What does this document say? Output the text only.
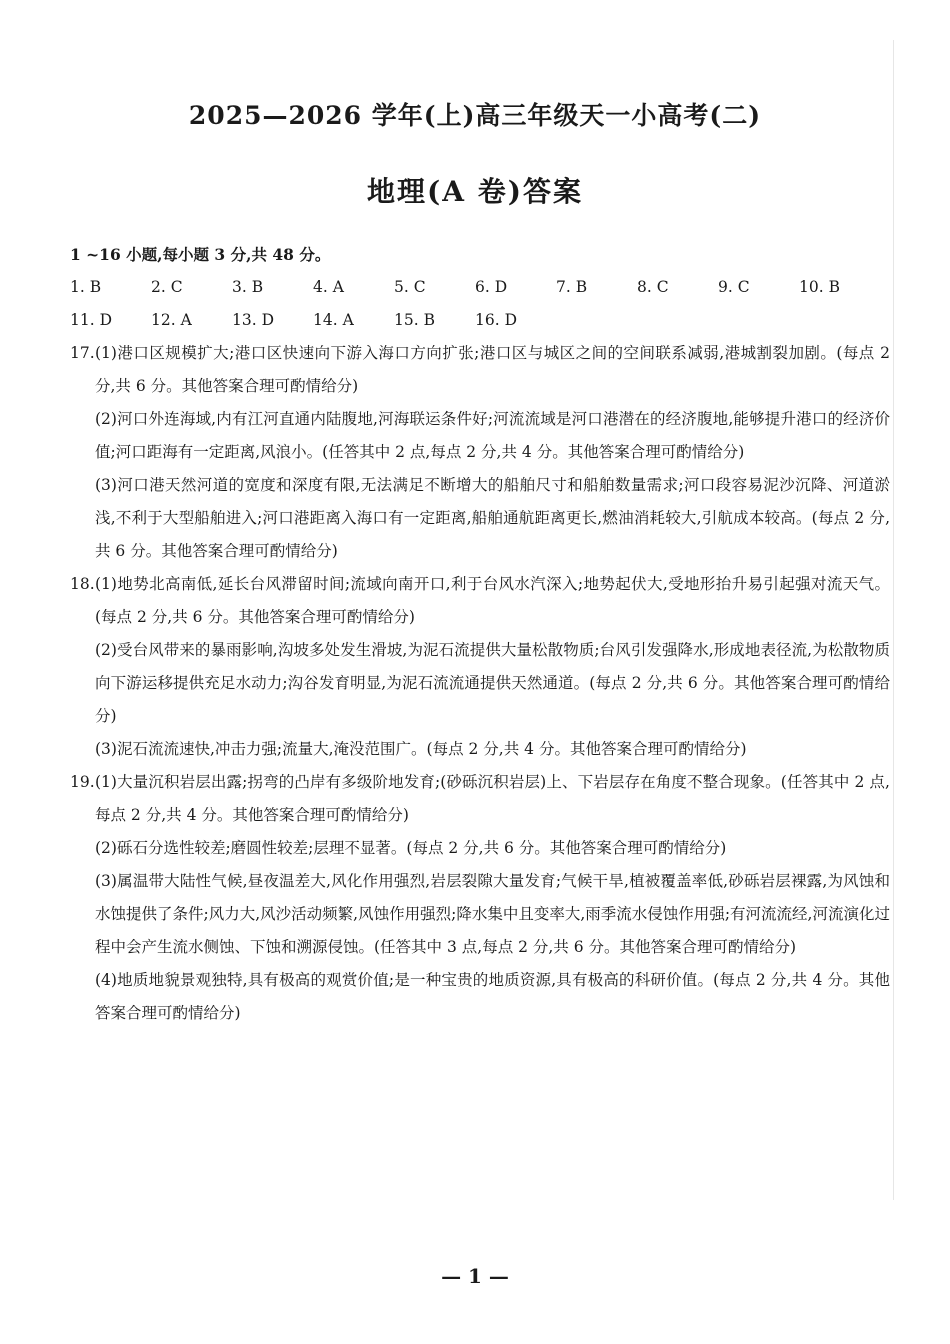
2025—2026 学年(上)高三年级天一小高考(二)
地理(A 卷)答案
1 ~16 小题,每小题 3 分,共 48 分。
1. B	2. C	3. B	4. A	5. C	6. D	7. B	8. C	9. C	10. B
11. D	12. A	13. D	14. A	15. B	16. D
17. (1)港口区规模扩大;港口区快速向下游入海口方向扩张;港口区与城区之间的空间联系减弱,港城割裂加剧。(每点 2 分,共 6 分。其他答案合理可酌情给分)
(2)河口外连海域,内有江河直通内陆腹地,河海联运条件好;河流流域是河口港潜在的经济腹地,能够提升港口的经济价值;河口距海有一定距离,风浪小。(任答其中 2 点,每点 2 分,共 4 分。其他答案合理可酌情给分)
(3)河口港天然河道的宽度和深度有限,无法满足不断增大的船舶尺寸和船舶数量需求;河口段容易泥沙沉降、河道淤浅,不利于大型船舶进入;河口港距离入海口有一定距离,船舶通航距离更长,燃油消耗较大,引航成本较高。(每点 2 分,共 6 分。其他答案合理可酌情给分)
18. (1)地势北高南低,延长台风滞留时间;流域向南开口,利于台风水汽深入;地势起伏大,受地形抬升易引起强对流天气。(每点 2 分,共 6 分。其他答案合理可酌情给分)
(2)受台风带来的暴雨影响,沟坡多处发生滑坡,为泥石流提供大量松散物质;台风引发强降水,形成地表径流,为松散物质向下游运移提供充足水动力;沟谷发育明显,为泥石流流通提供天然通道。(每点 2 分,共 6 分。其他答案合理可酌情给分)
(3)泥石流流速快,冲击力强;流量大,淹没范围广。(每点 2 分,共 4 分。其他答案合理可酌情给分)
19. (1)大量沉积岩层出露;拐弯的凸岸有多级阶地发育;(砂砾沉积岩层)上、下岩层存在角度不整合现象。(任答其中 2 点,每点 2 分,共 4 分。其他答案合理可酌情给分)
(2)砾石分选性较差;磨圆性较差;层理不显著。(每点 2 分,共 6 分。其他答案合理可酌情给分)
(3)属温带大陆性气候,昼夜温差大,风化作用强烈,岩层裂隙大量发育;气候干旱,植被覆盖率低,砂砾岩层裸露,为风蚀和水蚀提供了条件;风力大,风沙活动频繁,风蚀作用强烈;降水集中且变率大,雨季流水侵蚀作用强;有河流流经,河流演化过程中会产生流水侧蚀、下蚀和溯源侵蚀。(任答其中 3 点,每点 2 分,共 6 分。其他答案合理可酌情给分)
(4)地质地貌景观独特,具有极高的观赏价值;是一种宝贵的地质资源,具有极高的科研价值。(每点 2 分,共 4 分。其他答案合理可酌情给分)
— 1 —
